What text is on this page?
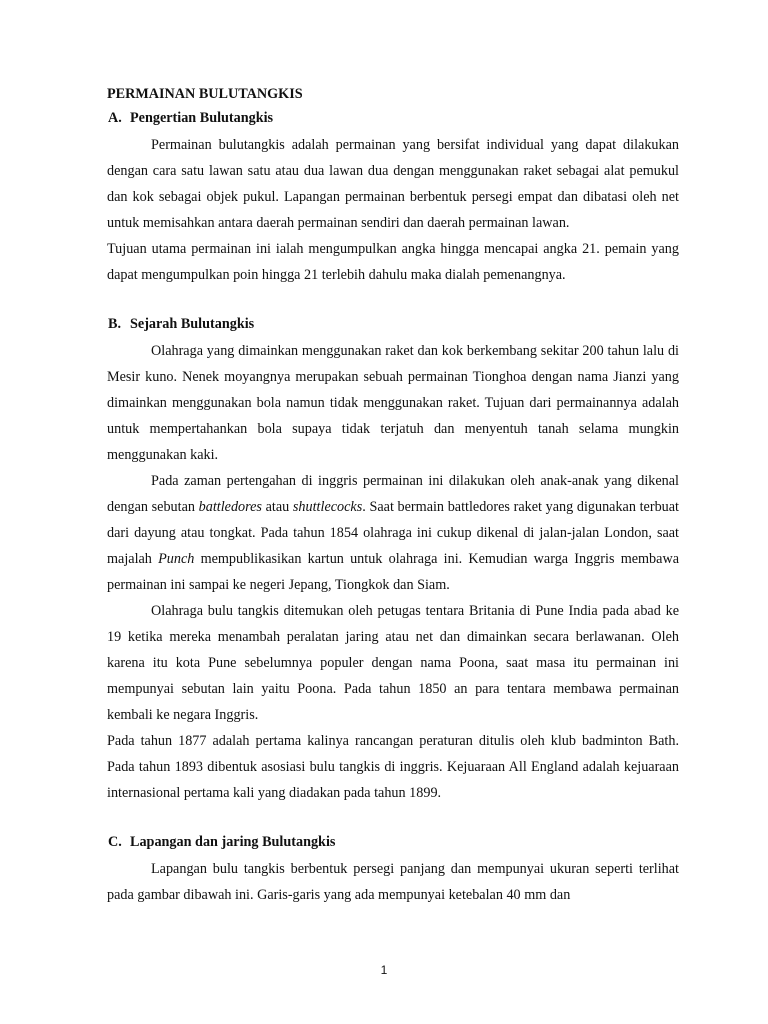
PERMAINAN BULUTANGKIS
A. Pengertian Bulutangkis

Permainan bulutangkis adalah permainan yang bersifat individual yang dapat dilakukan dengan cara satu lawan satu atau dua lawan dua dengan menggunakan raket sebagai alat pemukul dan kok sebagai objek pukul. Lapangan permainan berbentuk persegi empat dan dibatasi oleh net untuk memisahkan antara daerah permainan sendiri dan daerah permainan lawan.

Tujuan utama permainan ini ialah mengumpulkan angka hingga mencapai angka 21. pemain yang dapat mengumpulkan poin hingga 21 terlebih dahulu maka dialah pemenangnya.

B. Sejarah Bulutangkis

Olahraga yang dimainkan menggunakan raket dan kok berkembang sekitar 200 tahun lalu di Mesir kuno. Nenek moyangnya merupakan sebuah permainan Tionghoa dengan nama Jianzi yang dimainkan menggunakan bola namun tidak menggunakan raket. Tujuan dari permainannya adalah untuk mempertahankan bola supaya tidak terjatuh dan menyentuh tanah selama mungkin menggunakan kaki.

Pada zaman pertengahan di inggris permainan ini dilakukan oleh anak-anak yang dikenal dengan sebutan battledores atau shuttlecocks. Saat bermain battledores raket yang digunakan terbuat dari dayung atau tongkat. Pada tahun 1854 olahraga ini cukup dikenal di jalan-jalan London, saat majalah Punch mempublikasikan kartun untuk olahraga ini. Kemudian warga Inggris membawa permainan ini sampai ke negeri Jepang, Tiongkok dan Siam.

Olahraga bulu tangkis ditemukan oleh petugas tentara Britania di Pune India pada abad ke 19 ketika mereka menambah peralatan jaring atau net dan dimainkan secara berlawanan. Oleh karena itu kota Pune sebelumnya populer dengan nama Poona, saat masa itu permainan ini mempunyai sebutan lain yaitu Poona. Pada tahun 1850 an para tentara membawa permainan kembali ke negara Inggris.

Pada tahun 1877 adalah pertama kalinya rancangan peraturan ditulis oleh klub badminton Bath. Pada tahun 1893 dibentuk asosiasi bulu tangkis di inggris. Kejuaraan All England adalah kejuaraan internasional pertama kali yang diadakan pada tahun 1899.

C. Lapangan dan jaring Bulutangkis

Lapangan bulu tangkis berbentuk persegi panjang dan mempunyai ukuran seperti terlihat pada gambar dibawah ini. Garis-garis yang ada mempunyai ketebalan 40 mm dan

1
